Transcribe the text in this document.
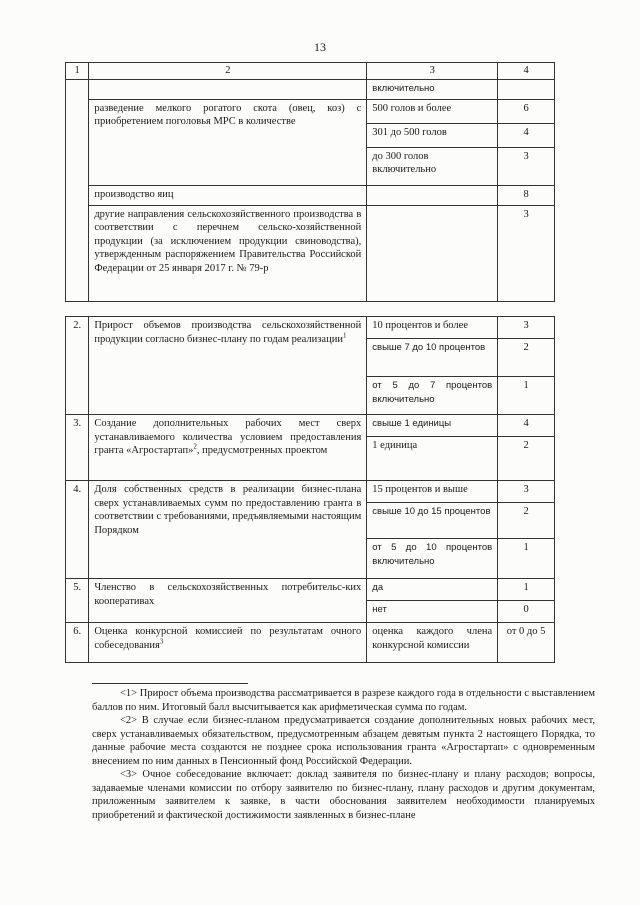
13
1	2	3	4
		включительно	
	разведение мелкого рогатого скота (овец, коз) с приобретением поголовья МРС в количестве	500 голов и более	6
		301 до 500 голов	4
		до 300 голов включительно	3
	производство яиц		8
	другие направления сельскохозяйственного производства в соответствии с перечнем сельско-хозяйственной продукции (за исключением продукции свиноводства), утвержденным распоряжением Правительства Российской Федерации от 25 января 2017 г. № 79-р		3
2.	Прирост объемов производства сельскохозяйственной продукции согласно бизнес-плану по годам реализации$^1$	10 процентов и более	3
		свыше 7 до 10 процентов	2
		от 5 до 7 процентов включительно	1
3.	Создание дополнительных рабочих мест сверх устанавливаемого количества условием предоставления гранта «Агростартап»$^2$, предусмотренных проектом	свыше 1 единицы	4
		1 единица	2
4.	Доля собственных средств в реализации бизнес-плана сверх устанавливаемых сумм по предоставлению гранта в соответствии с требованиями, предъявляемыми настоящим Порядком	15 процентов и выше	3
		свыше 10 до 15 процентов	2
		от 5 до 10 процентов включительно	1
5.	Членство в сельскохозяйственных потребительс-ких кооперативах	да	1
		нет	0
6.	Оценка конкурсной комиссией по результатам очного собеседования$^3$	оценка каждого члена конкурсной комиссии	от 0 до 5

<1> Прирост объема производства рассматривается в разрезе каждого года в отдельности с выставлением баллов по ним. Итоговый балл высчитывается как арифметическая сумма по годам.

<2> В случае если бизнес-планом предусматривается создание дополнительных новых рабочих мест, сверх устанавливаемых обязательством, предусмотренным абзацем девятым пункта 2 настоящего Порядка, то данные рабочие места создаются не позднее срока использования гранта «Агростартап» с одновременным внесением по ним данных в Пенсионный фонд Российской Федерации.

<3> Очное собеседование включает: доклад заявителя по бизнес-плану и плану расходов; вопросы, задаваемые членами комиссии по отбору заявителю по бизнес-плану, плану расходов и другим документам, приложенным заявителем к заявке, в части обоснования заявителем необходимости планируемых приобретений и фактической достижимости заявленных в бизнес-плане
